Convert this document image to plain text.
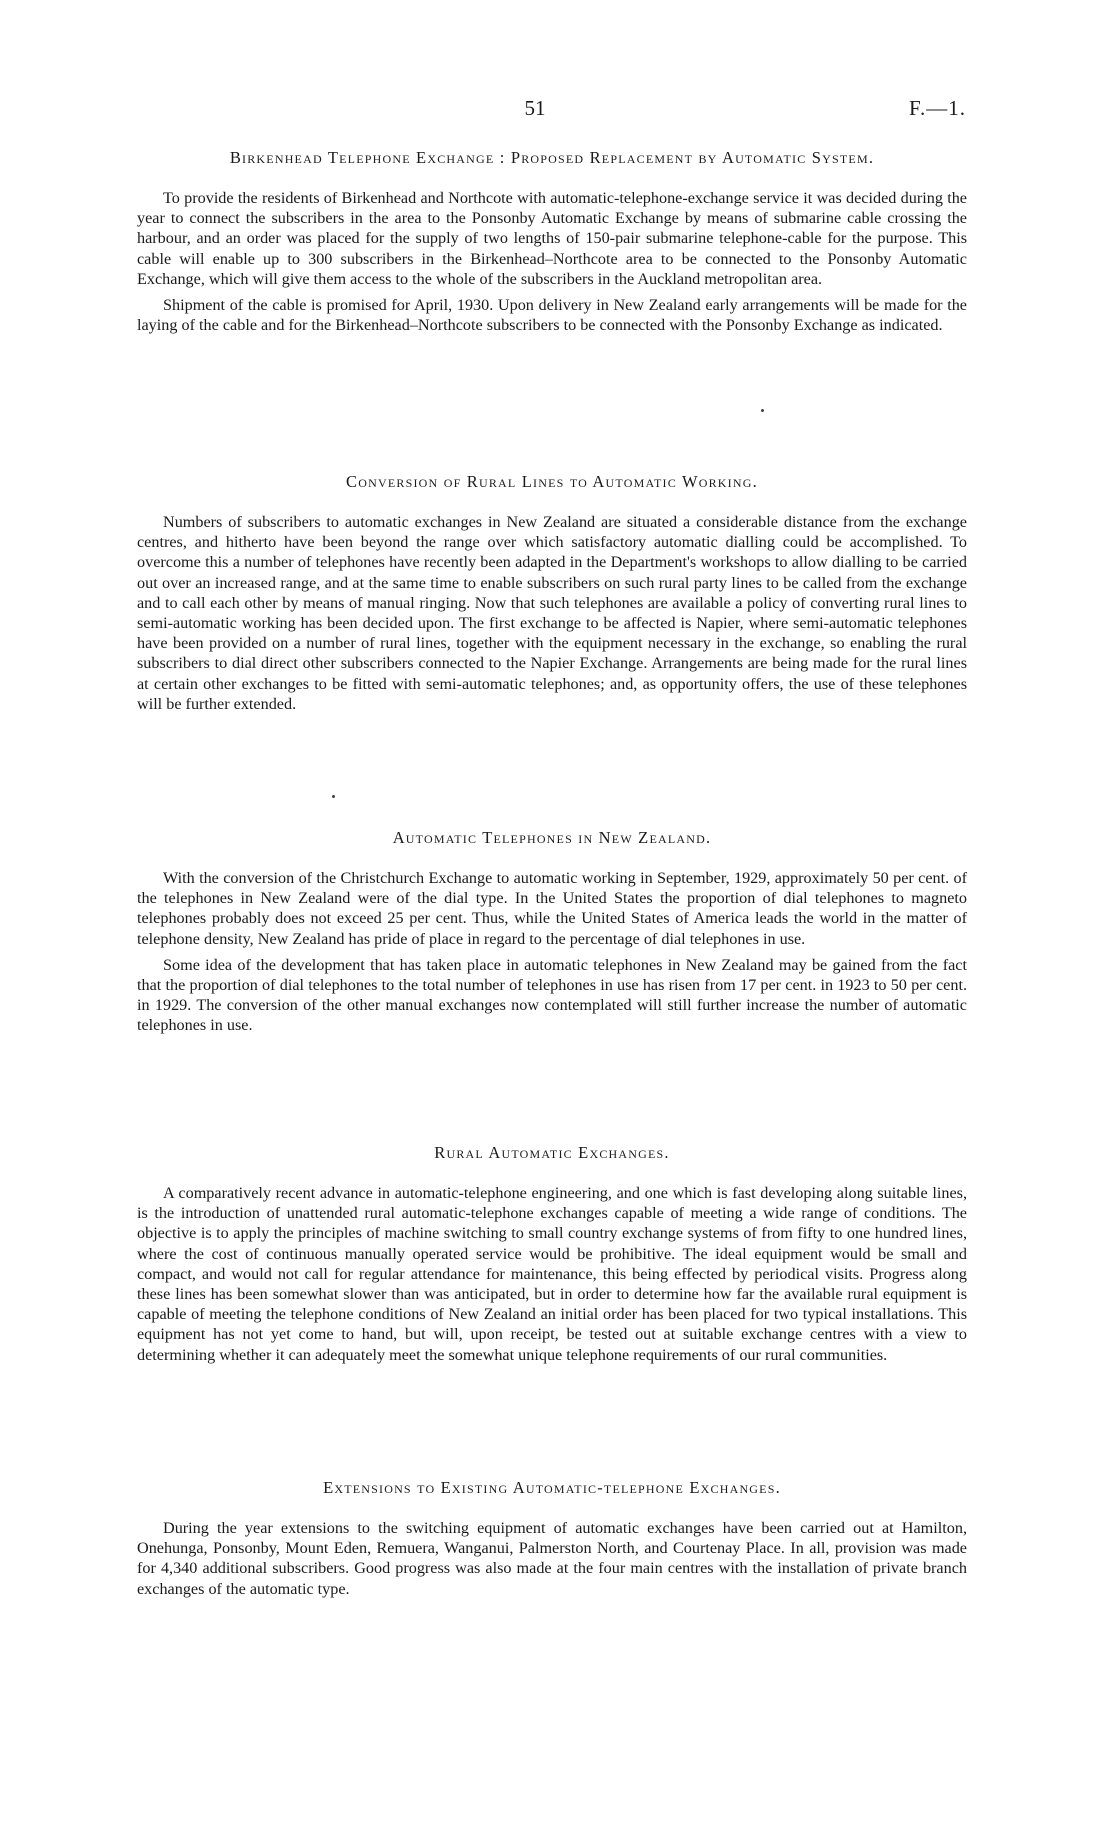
51	F.—1.
Birkenhead Telephone Exchange : Proposed Replacement by Automatic System.

To provide the residents of Birkenhead and Northcote with automatic-telephone-exchange service it was decided during the year to connect the subscribers in the area to the Ponsonby Automatic Exchange by means of submarine cable crossing the harbour, and an order was placed for the supply of two lengths of 150-pair submarine telephone-cable for the purpose. This cable will enable up to 300 subscribers in the Birkenhead–Northcote area to be connected to the Ponsonby Automatic Exchange, which will give them access to the whole of the subscribers in the Auckland metropolitan area.

Shipment of the cable is promised for April, 1930. Upon delivery in New Zealand early arrangements will be made for the laying of the cable and for the Birkenhead–Northcote subscribers to be connected with the Ponsonby Exchange as indicated.

Conversion of Rural Lines to Automatic Working.

Numbers of subscribers to automatic exchanges in New Zealand are situated a considerable distance from the exchange centres, and hitherto have been beyond the range over which satisfactory automatic dialling could be accomplished. To overcome this a number of telephones have recently been adapted in the Department's workshops to allow dialling to be carried out over an increased range, and at the same time to enable subscribers on such rural party lines to be called from the exchange and to call each other by means of manual ringing. Now that such telephones are available a policy of converting rural lines to semi-automatic working has been decided upon. The first exchange to be affected is Napier, where semi-automatic telephones have been provided on a number of rural lines, together with the equipment necessary in the exchange, so enabling the rural subscribers to dial direct other subscribers connected to the Napier Exchange. Arrangements are being made for the rural lines at certain other exchanges to be fitted with semi-automatic telephones; and, as opportunity offers, the use of these telephones will be further extended.

Automatic Telephones in New Zealand.

With the conversion of the Christchurch Exchange to automatic working in September, 1929, approximately 50 per cent. of the telephones in New Zealand were of the dial type. In the United States the proportion of dial telephones to magneto telephones probably does not exceed 25 per cent. Thus, while the United States of America leads the world in the matter of telephone density, New Zealand has pride of place in regard to the percentage of dial telephones in use.

Some idea of the development that has taken place in automatic telephones in New Zealand may be gained from the fact that the proportion of dial telephones to the total number of telephones in use has risen from 17 per cent. in 1923 to 50 per cent. in 1929. The conversion of the other manual exchanges now contemplated will still further increase the number of automatic telephones in use.

Rural Automatic Exchanges.

A comparatively recent advance in automatic-telephone engineering, and one which is fast developing along suitable lines, is the introduction of unattended rural automatic-telephone exchanges capable of meeting a wide range of conditions. The objective is to apply the principles of machine switching to small country exchange systems of from fifty to one hundred lines, where the cost of continuous manually operated service would be prohibitive. The ideal equipment would be small and compact, and would not call for regular attendance for maintenance, this being effected by periodical visits. Progress along these lines has been somewhat slower than was anticipated, but in order to determine how far the available rural equipment is capable of meeting the telephone conditions of New Zealand an initial order has been placed for two typical installations. This equipment has not yet come to hand, but will, upon receipt, be tested out at suitable exchange centres with a view to determining whether it can adequately meet the somewhat unique telephone requirements of our rural communities.

Extensions to Existing Automatic-telephone Exchanges.

During the year extensions to the switching equipment of automatic exchanges have been carried out at Hamilton, Onehunga, Ponsonby, Mount Eden, Remuera, Wanganui, Palmerston North, and Courtenay Place. In all, provision was made for 4,340 additional subscribers. Good progress was also made at the four main centres with the installation of private branch exchanges of the automatic type.
